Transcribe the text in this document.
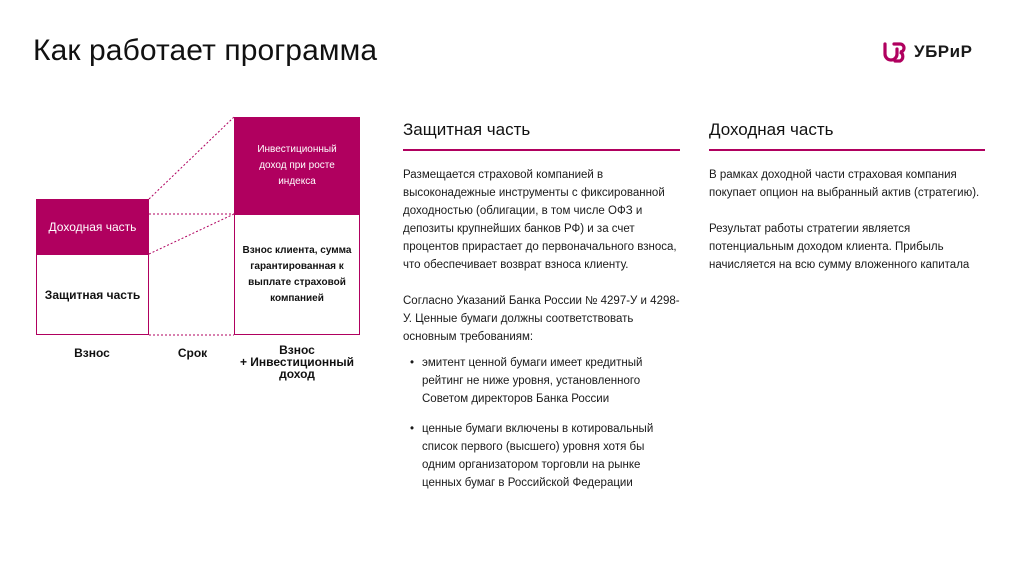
Как работает программа	УБРиР
Доходная часть
Защитная часть
Инвестиционный доход при росте индекса
Взнос клиента, сумма гарантированная к выплате страховой компанией
Взнос	Срок	Взнос
+ Инвестиционный доход
Защитная часть

Размещается страховой компанией в высоконадежные инструменты с фиксированной доходностью (облигации, в том числе ОФЗ и депозиты крупнейших банков РФ) и за счет процентов прирастает до первоначального взноса, что обеспечивает возврат взноса клиенту.

Согласно Указаний Банка России № 4297-У и 4298-У. Ценные бумаги должны соответствовать основным требованиям:

• эмитент ценной бумаги имеет кредитный рейтинг не ниже уровня, установленного Советом директоров Банка России
• ценные бумаги включены в котировальный список первого (высшего) уровня хотя бы одним организатором торговли на рынке ценных бумаг в Российской Федерации
Доходная часть

В рамках доходной части страховая компания покупает опцион на выбранный актив (стратегию).

Результат работы стратегии является потенциальным доходом клиента. Прибыль начисляется на всю сумму вложенного капитала
